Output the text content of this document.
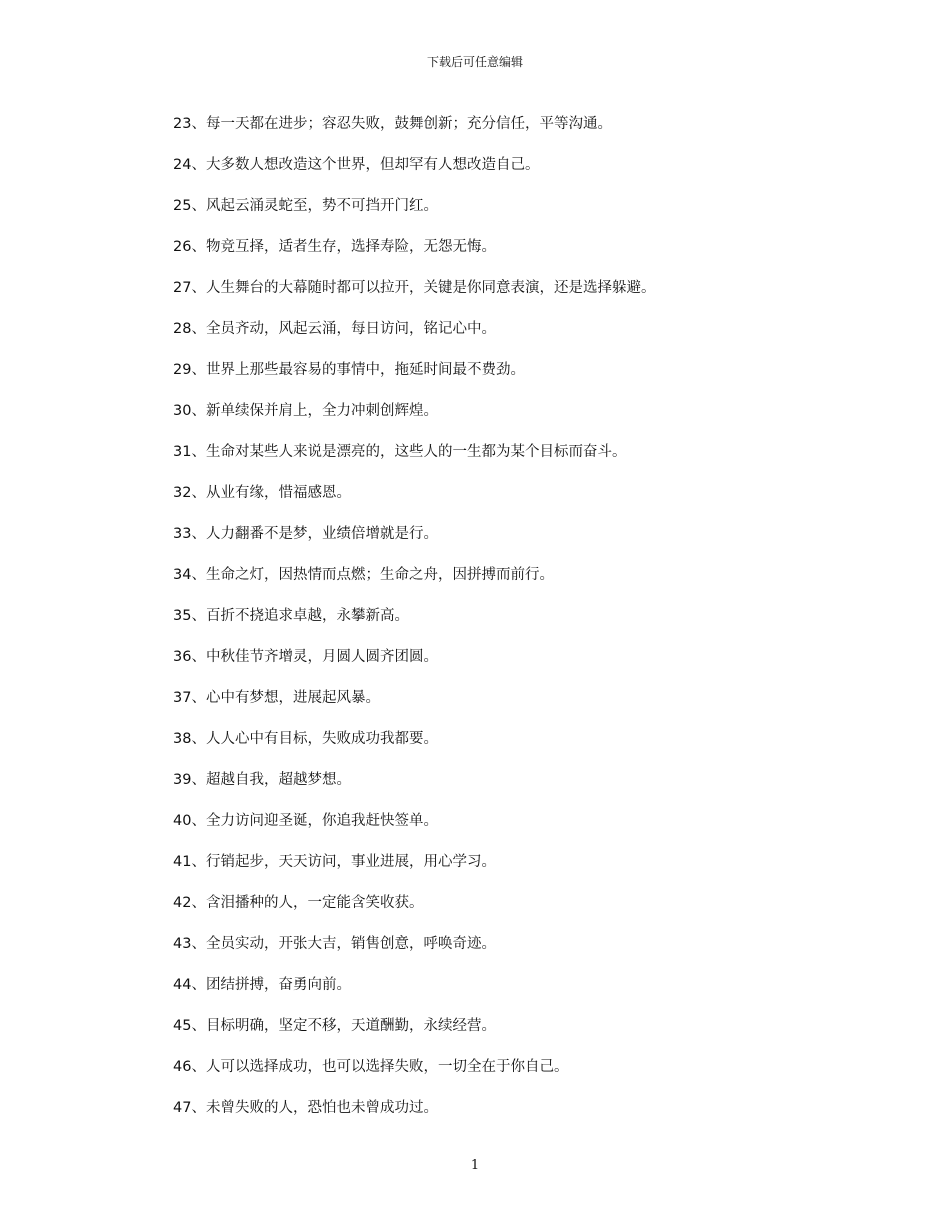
下载后可任意编辑
23、每一天都在进步；容忍失败，鼓舞创新；充分信任，平等沟通。
24、大多数人想改造这个世界，但却罕有人想改造自己。
25、风起云涌灵蛇至，势不可挡开门红。
26、物竞互择，适者生存，选择寿险，无怨无悔。
27、人生舞台的大幕随时都可以拉开，关键是你同意表演，还是选择躲避。
28、全员齐动，风起云涌，每日访问，铭记心中。
29、世界上那些最容易的事情中，拖延时间最不费劲。
30、新单续保并肩上，全力冲刺创辉煌。
31、生命对某些人来说是漂亮的，这些人的一生都为某个目标而奋斗。
32、从业有缘，惜福感恩。
33、人力翻番不是梦，业绩倍增就是行。
34、生命之灯，因热情而点燃；生命之舟，因拼搏而前行。
35、百折不挠追求卓越，永攀新高。
36、中秋佳节齐增灵，月圆人圆齐团圆。
37、心中有梦想，进展起风暴。
38、人人心中有目标，失败成功我都要。
39、超越自我，超越梦想。
40、全力访问迎圣诞，你追我赶快签单。
41、行销起步，天天访问，事业进展，用心学习。
42、含泪播种的人，一定能含笑收获。
43、全员实动，开张大吉，销售创意，呼唤奇迹。
44、团结拼搏，奋勇向前。
45、目标明确，坚定不移，天道酬勤，永续经营。
46、人可以选择成功，也可以选择失败，一切全在于你自己。
47、未曾失败的人，恐怕也未曾成功过。
1
